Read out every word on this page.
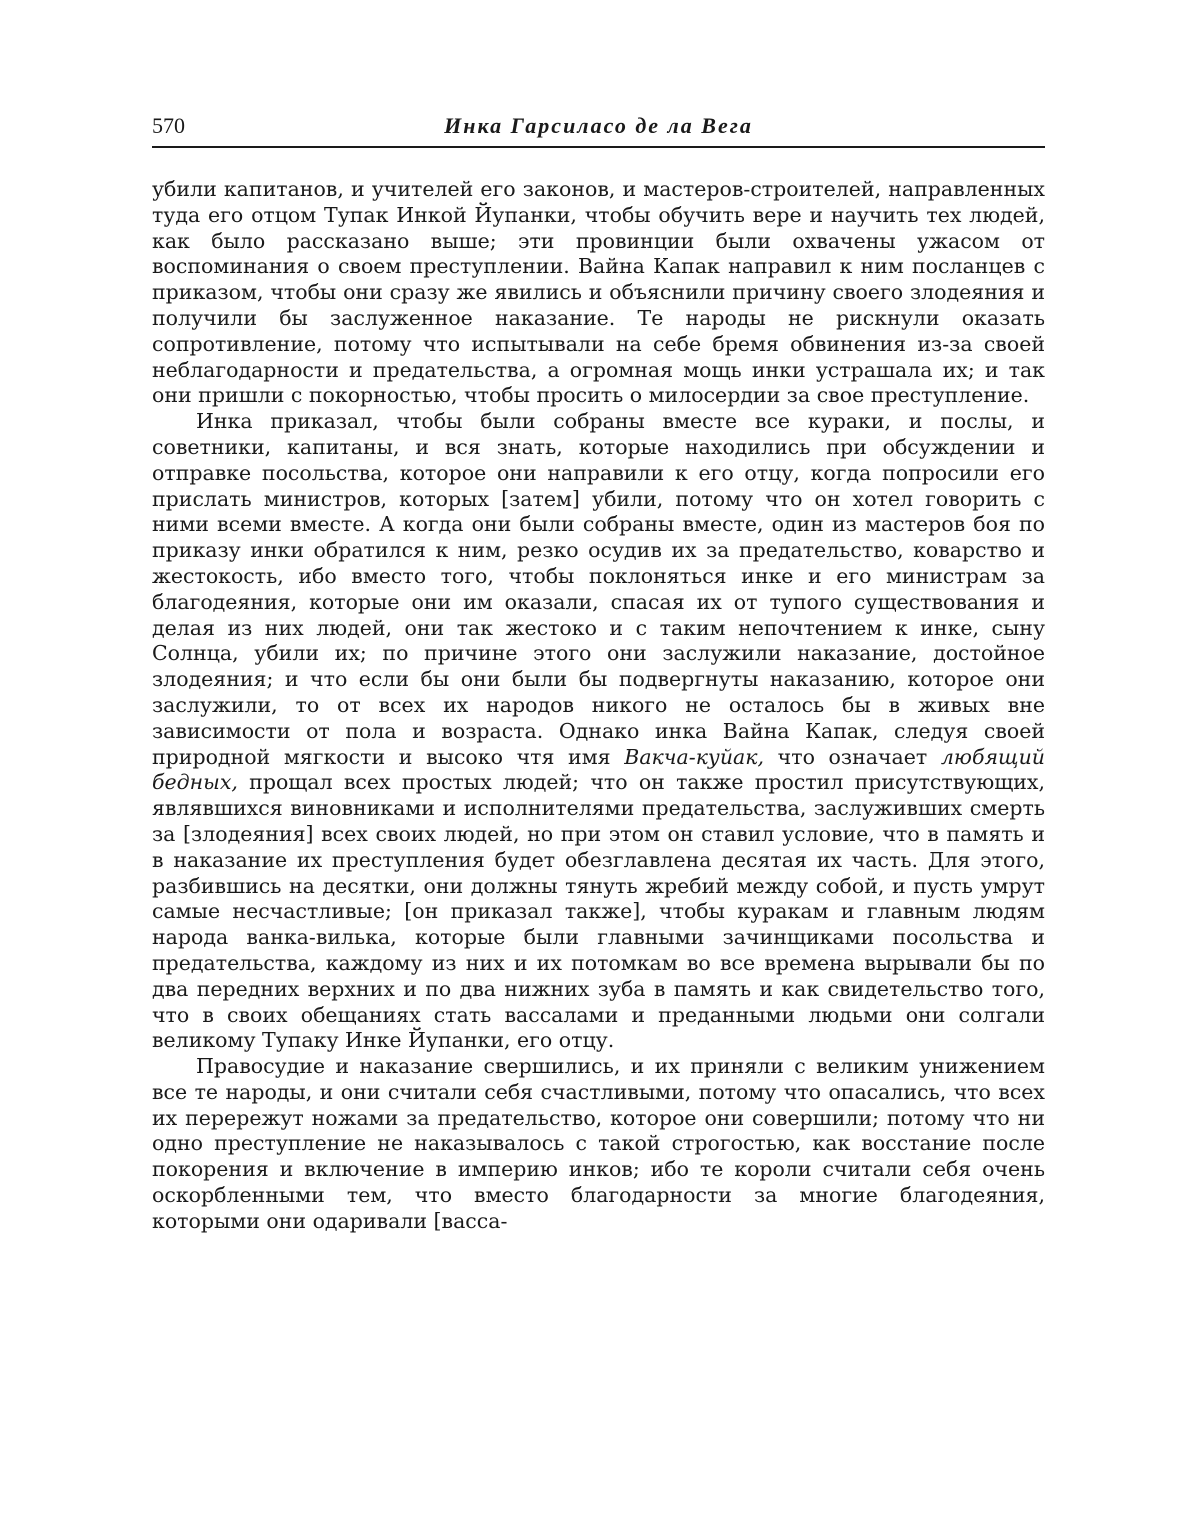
570	Инка Гарсиласо де ла Вега

убили капитанов, и учителей его законов, и мастеров-строителей, направленных туда его отцом Тупак Инкой Йупанки, чтобы обучить вере и научить тех людей, как было рассказано выше; эти провинции были охвачены ужасом от воспоминания о своем преступлении. Вайна Капак направил к ним посланцев с приказом, чтобы они сразу же явились и объяснили причину своего злодеяния и получили бы заслуженное наказание. Те народы не рискнули оказать сопротивление, потому что испытывали на себе бремя обвинения из-за своей неблагодарности и предательства, а огромная мощь инки устрашала их; и так они пришли с покорностью, чтобы просить о милосердии за свое преступление.

Инка приказал, чтобы были собраны вместе все кураки, и послы, и советники, капитаны, и вся знать, которые находились при обсуждении и отправке посольства, которое они направили к его отцу, когда попросили его прислать министров, которых [затем] убили, потому что он хотел говорить с ними всеми вместе. А когда они были собраны вместе, один из мастеров боя по приказу инки обратился к ним, резко осудив их за предательство, коварство и жестокость, ибо вместо того, чтобы поклоняться инке и его министрам за благодеяния, которые они им оказали, спасая их от тупого существования и делая из них людей, они так жестоко и с таким непочтением к инке, сыну Солнца, убили их; по причине этого они заслужили наказание, достойное злодеяния; и что если бы они были бы подвергнуты наказанию, которое они заслужили, то от всех их народов никого не осталось бы в живых вне зависимости от пола и возраста. Однако инка Вайна Капак, следуя своей природной мягкости и высоко чтя имя Вакча-куйак, что означает любящий бедных, прощал всех простых людей; что он также простил присутствующих, являвшихся виновниками и исполнителями предательства, заслуживших смерть за [злодеяния] всех своих людей, но при этом он ставил условие, что в память и в наказание их преступления будет обезглавлена десятая их часть. Для этого, разбившись на десятки, они должны тянуть жребий между собой, и пусть умрут самые несчастливые; [он приказал также], чтобы куракам и главным людям народа ванка-вилька, которые были главными зачинщиками посольства и предательства, каждому из них и их потомкам во все времена вырывали бы по два передних верхних и по два нижних зуба в память и как свидетельство того, что в своих обещаниях стать вассалами и преданными людьми они солгали великому Тупаку Инке Йупанки, его отцу.

Правосудие и наказание свершились, и их приняли с великим унижением все те народы, и они считали себя счастливыми, потому что опасались, что всех их перережут ножами за предательство, которое они совершили; потому что ни одно преступление не наказывалось с такой строгостью, как восстание после покорения и включение в империю инков; ибо те короли считали себя очень оскорбленными тем, что вместо благодарности за многие благодеяния, которыми они одаривали [васса-
